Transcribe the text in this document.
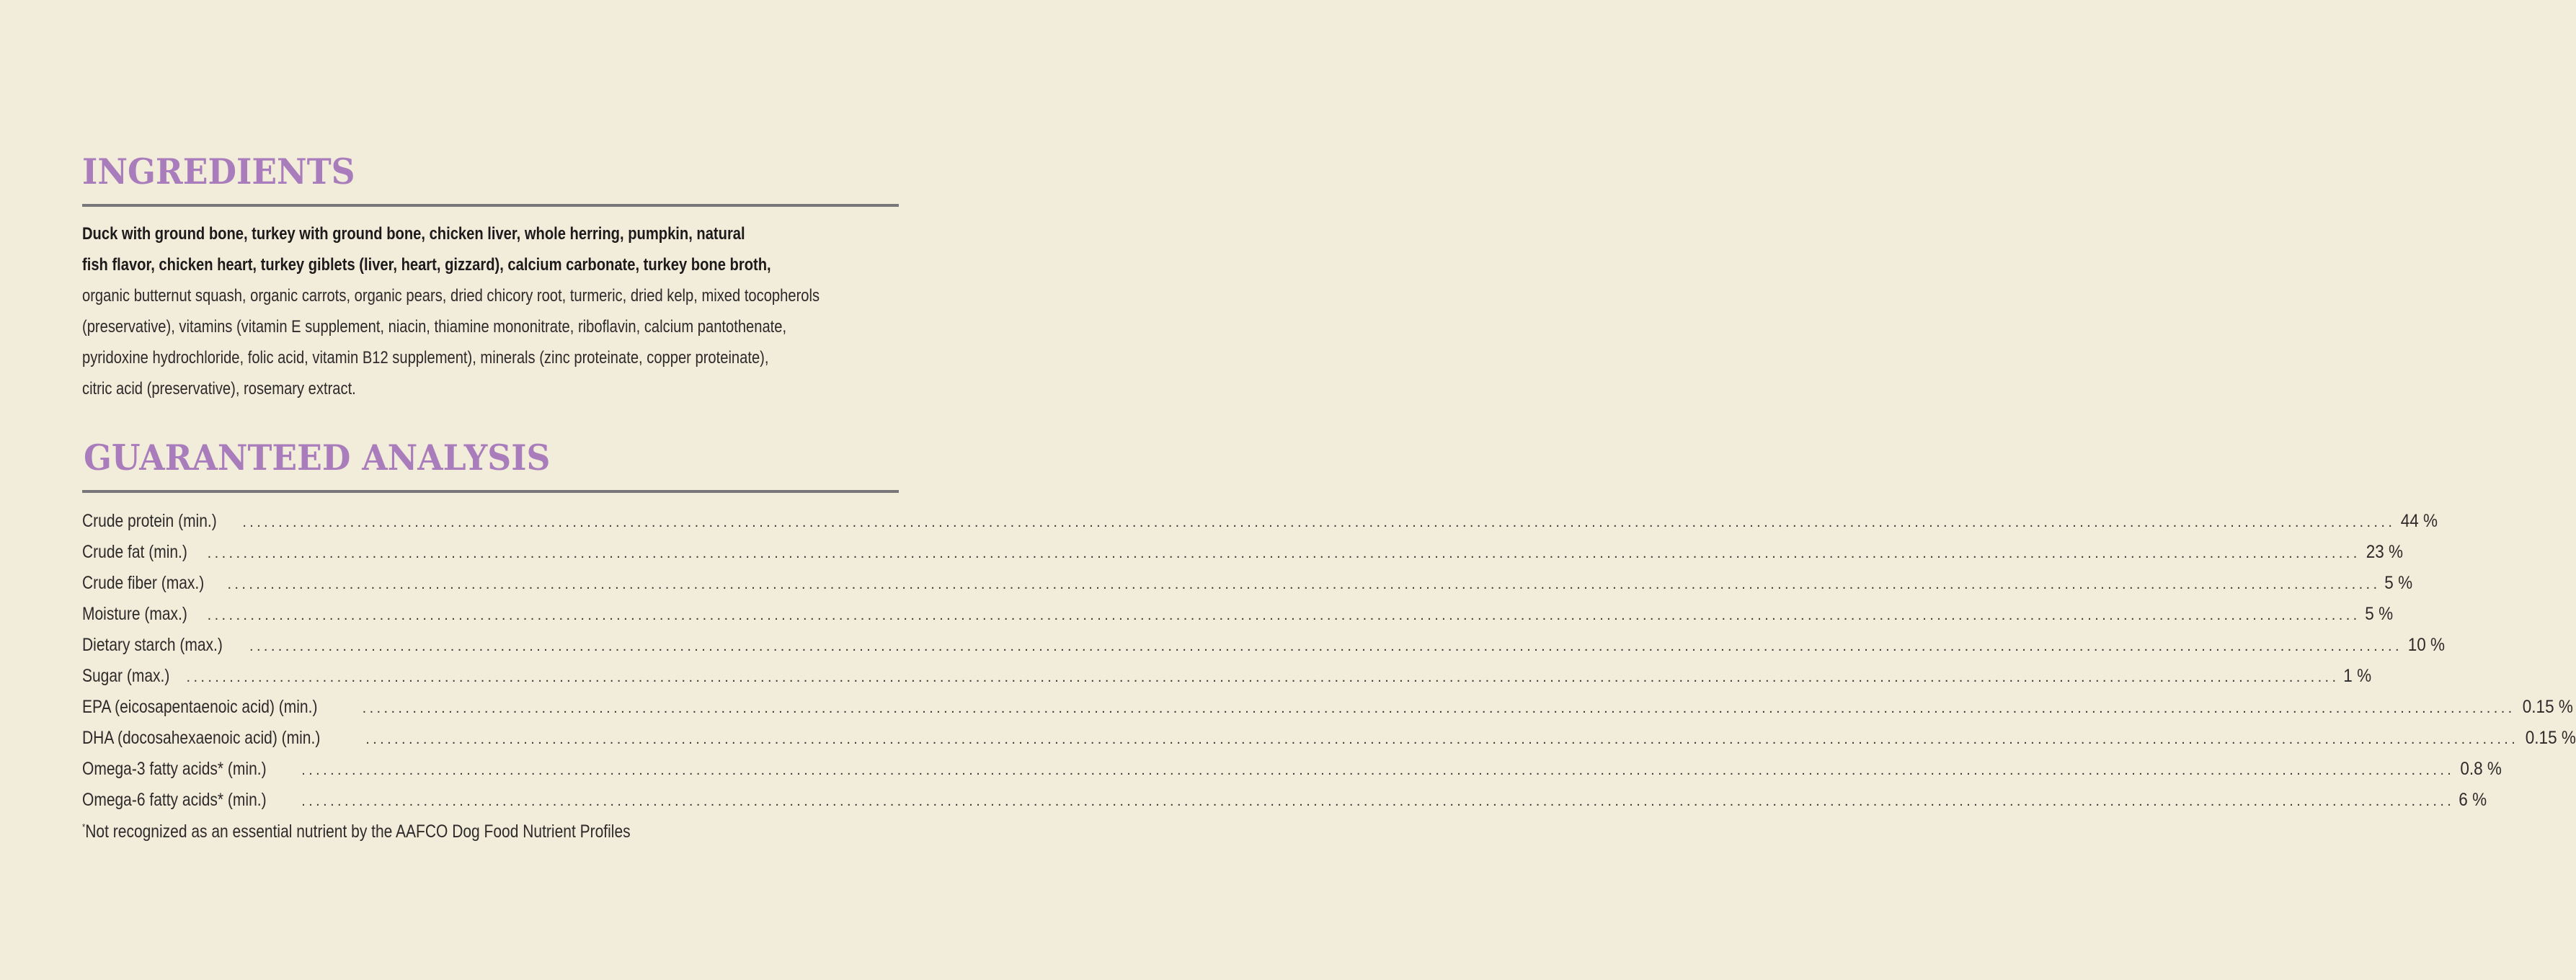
INGREDIENTS
Duck with ground bone, turkey with ground bone, chicken liver, whole herring, pumpkin, natural
fish flavor, chicken heart, turkey giblets (liver, heart, gizzard), calcium carbonate, turkey bone broth,
organic butternut squash, organic carrots, organic pears, dried chicory root, turmeric, dried kelp, mixed tocopherols
(preservative), vitamins (vitamin E supplement, niacin, thiamine mononitrate, riboflavin, calcium pantothenate,
pyridoxine hydrochloride, folic acid, vitamin B12 supplement), minerals (zinc proteinate, copper proteinate),
citric acid (preservative), rosemary extract.
GUARANTEED ANALYSIS
Crude protein (min.) ............................................................................................................................................................................................................................................................................................................ 44 %
Crude fat (min.) ............................................................................................................................................................................................................................................................................................................ 23 %
Crude fiber (max.) ............................................................................................................................................................................................................................................................................................................ 5 %
Moisture (max.) ............................................................................................................................................................................................................................................................................................................ 5 %
Dietary starch (max.) ............................................................................................................................................................................................................................................................................................................ 10 %
Sugar (max.) ............................................................................................................................................................................................................................................................................................................ 1 %
EPA (eicosapentaenoic acid) (min.)	............................................................................................................................................................................................................................................................................................................ 0.15 %
DHA (docosahexaenoic acid) (min.)	............................................................................................................................................................................................................................................................................................................ 0.15 %
Omega-3 fatty acids* (min.) ............................................................................................................................................................................................................................................................................................................ 0.8 %
Omega-6 fatty acids* (min.) ............................................................................................................................................................................................................................................................................................................ 6 %
*Not recognized as an essential nutrient by the AAFCO Dog Food Nutrient Profiles
